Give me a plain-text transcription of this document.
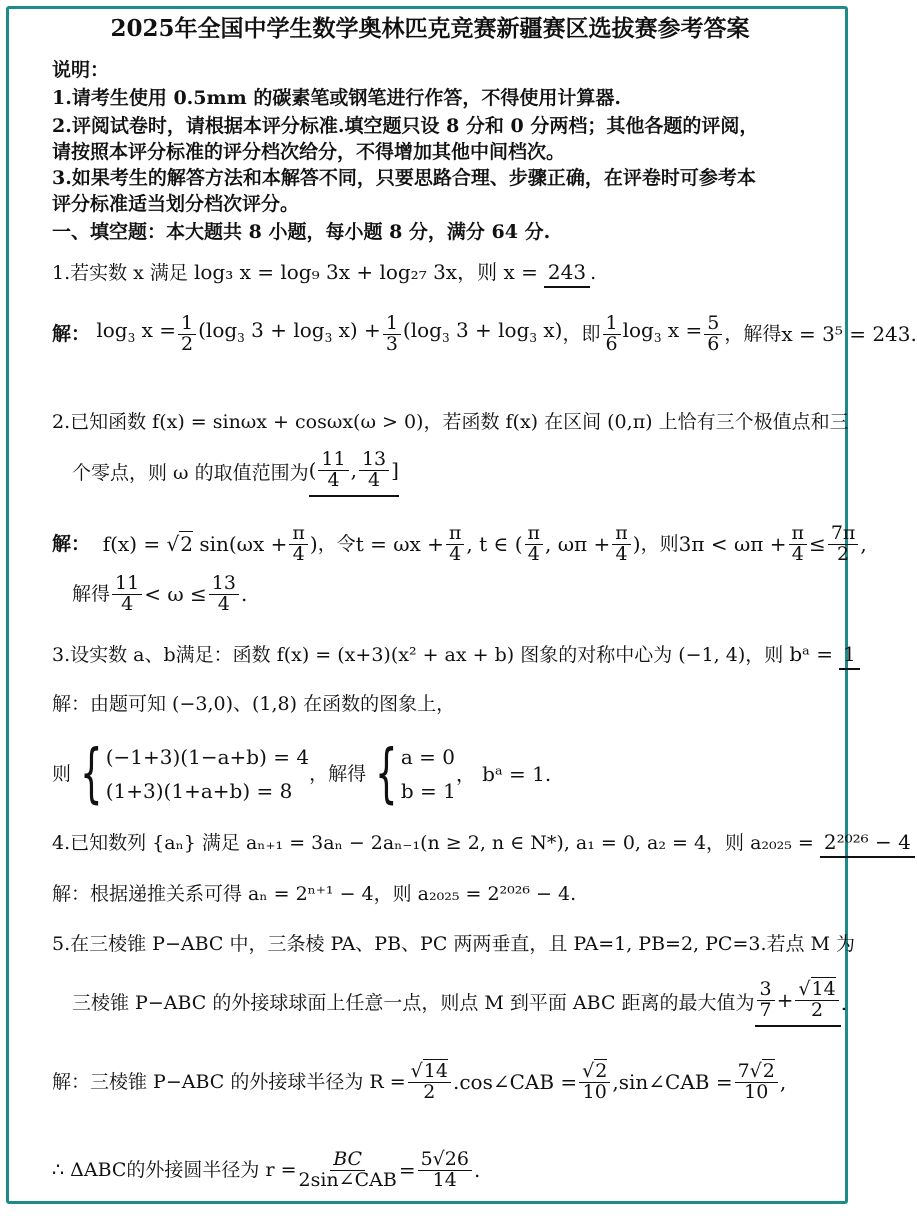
2025年全国中学生数学奥林匹克竞赛新疆赛区选拔赛参考答案
说明：
1.请考生使用 0.5mm 的碳素笔或钢笔进行作答，不得使用计算器.
2.评阅试卷时，请根据本评分标准.填空题只设 8 分和 0 分两档；其他各题的评阅，
请按照本评分标准的评分档次给分，不得增加其他中间档次。
3.如果考生的解答方法和本解答不同，只要思路合理、步骤正确，在评卷时可参考本
评分标准适当划分档次评分。
一、填空题：本大题共 8 小题，每小题 8 分，满分 64 分.
1.若实数 x 满足 log₃ x = log₉ 3x + log₂₇ 3x，则 x = 243 .
解： $\log_3 x = \frac{1}{2} (\log_3$ $3 + \log_3 x) + \frac{1}{3} (\log_3$ $3 + \log_3 x$) ，即 $\frac{1}{6} \log_3 x = \frac{5}{6}$ ，解得 x = 3⁵ = 243.
2.已知函数 f(x) = sinωx + cosωx(ω > 0)，若函数 f(x) 在区间 (0,π) 上恰有三个极值点和三
个零点，则 ω 的取值范围为 ( $\frac{11}{4}$ , $\frac{13}{4}$ ]
解： f(x) = √2 $\sin(\omega x + \frac{\pi}{4}$ ) ，令 $t = \omega x + \frac{\pi}{4}$ , t ∈ ( $\frac{\pi}{4}$ , $\omega\pi + \frac{\pi}{4}$ ) ，则 $3\pi < \omega\pi + \frac{\pi}{4} \le \frac{7\pi}{2}$ ,
解得 $\frac{11}{4} < \omega \le \frac{13}{4}$ .
3.设实数 a、b满足：函数 f(x) = (x+3)(x² + ax + b) 图象的对称中心为 (−1, 4)，则 bᵃ = 1
解：由题可知 (−3,0)、(1,8) 在函数的图象上，
则 { (−1+3)(1−a+b) = 4
(1+3)(1+a+b) = 8
，解得 { a = 0
b = 1
， bᵃ = 1.
4.已知数列 {aₙ} 满足 aₙ₊₁ = 3aₙ − 2aₙ₋₁(n ≥ 2, n ∈ N*), a₁ = 0, a₂ = 4，则 a₂₀₂₅ = 2²⁰²⁶ − 4
解：根据递推关系可得 aₙ = 2ⁿ⁺¹ − 4，则 a₂₀₂₅ = 2²⁰²⁶ − 4.
5.在三棱锥 P−ABC 中，三条棱 PA、PB、PC 两两垂直，且 PA=1, PB=2, PC=3.若点 M 为
三棱锥 P−ABC 的外接球球面上任意一点，则点 M 到平面 ABC 距离的最大值为 $\frac{3}{7} + \frac{√14}{2}$ .
解：三棱锥 P−ABC 的外接球半径为 $R = \frac{√14}{2}$ .cos∠CAB = $\frac{√2}{10}$ ,sin∠CAB = $\frac{7√2}{10}$ ,
∴ ΔABC的外接圆半径为 $r = \frac{BC}{\text{2sin∠CAB}} = \frac{5√26}{14}$ .
